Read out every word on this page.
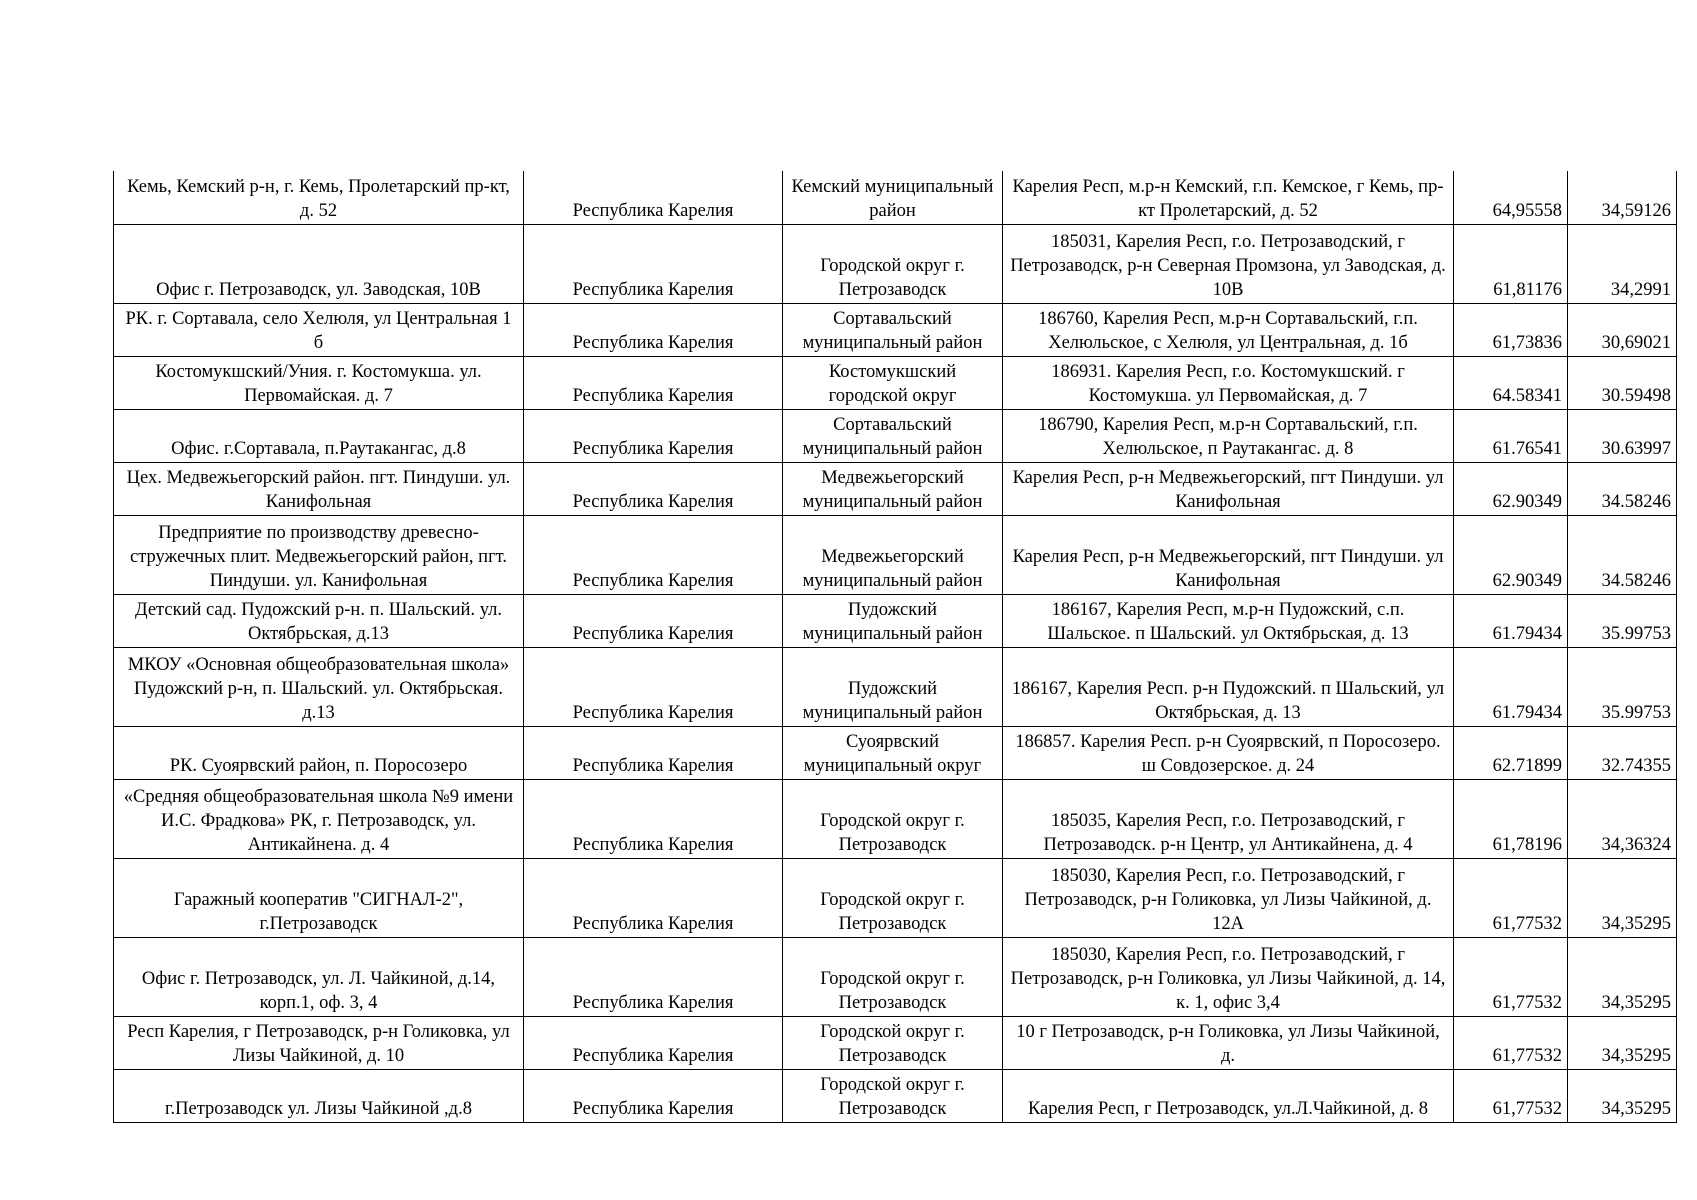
Кемь, Кемский р-н, г. Кемь, Пролетарский пр-кт, д. 52	Республика Карелия	Кемский муниципальный район	Карелия Респ, м.р-н Кемский, г.п. Кемское, г Кемь, пр-кт Пролетарский, д. 52	64,95558	34,59126
Офис г. Петрозаводск, ул. Заводская, 10В	Республика Карелия	Городской округ г. Петрозаводск	185031, Карелия Респ, г.о. Петрозаводский, г Петрозаводск, р-н Северная Промзона, ул Заводская, д. 10В	61,81176	34,2991
РК. г. Сортавала, село Хелюля, ул Центральная 1 б	Республика Карелия	Сортавальский муниципальный район	186760, Карелия Респ, м.р-н Сортавальский, г.п. Хелюльское, с Хелюля, ул Центральная, д. 1б	61,73836	30,69021
Костомукшский/Уния. г. Костомукша. ул. Первомайская. д. 7	Республика Карелия	Костомукшский городской округ	186931. Карелия Респ, г.о. Костомукшский. г Костомукша. ул Первомайская, д. 7	64.58341	30.59498
Офис. г.Сортавала, п.Раутакангас, д.8	Республика Карелия	Сортавальский муниципальный район	186790, Карелия Респ, м.р-н Сортавальский, г.п. Хелюльское, п Раутакангас. д. 8	61.76541	30.63997
Цех. Медвежьегорский район. пгт. Пиндуши. ул. Канифольная	Республика Карелия	Медвежьегорский муниципальный район	Карелия Респ, р-н Медвежьегорский, пгт Пиндуши. ул Канифольная	62.90349	34.58246
Предприятие по производству древесно-стружечных плит. Медвежьегорский район, пгт. Пиндуши. ул. Канифольная	Республика Карелия	Медвежьегорский муниципальный район	Карелия Респ, р-н Медвежьегорский, пгт Пиндуши. ул Канифольная	62.90349	34.58246
Детский сад. Пудожский р-н. п. Шальский. ул. Октябрьская, д.13	Республика Карелия	Пудожский муниципальный район	186167, Карелия Респ, м.р-н Пудожский, с.п. Шальское. п Шальский. ул Октябрьская, д. 13	61.79434	35.99753
МКОУ «Основная общеобразовательная школа» Пудожский р-н, п. Шальский. ул. Октябрьская. д.13	Республика Карелия	Пудожский муниципальный район	186167, Карелия Респ. р-н Пудожский. п Шальский, ул Октябрьская, д. 13	61.79434	35.99753
РК. Суоярвский район, п. Поросозеро	Республика Карелия	Суоярвский муниципальный округ	186857. Карелия Респ. р-н Суоярвский, п Поросозеро. ш Совдозерское. д. 24	62.71899	32.74355
«Средняя общеобразовательная школа №9 имени И.С. Фрадкова» РК, г. Петрозаводск, ул. Антикайнена. д. 4	Республика Карелия	Городской округ г. Петрозаводск	185035, Карелия Респ, г.о. Петрозаводский, г Петрозаводск. р-н Центр, ул Антикайнена, д. 4	61,78196	34,36324
Гаражный кооператив "СИГНАЛ-2", г.Петрозаводск	Республика Карелия	Городской округ г. Петрозаводск	185030, Карелия Респ, г.о. Петрозаводский, г Петрозаводск, р-н Голиковка, ул Лизы Чайкиной, д. 12А	61,77532	34,35295
Офис г. Петрозаводск, ул. Л. Чайкиной, д.14, корп.1, оф. 3, 4	Республика Карелия	Городской округ г. Петрозаводск	185030, Карелия Респ, г.о. Петрозаводский, г Петрозаводск, р-н Голиковка, ул Лизы Чайкиной, д. 14, к. 1, офис 3,4	61,77532	34,35295
Респ Карелия, г Петрозаводск, р-н Голиковка, ул Лизы Чайкиной, д. 10	Республика Карелия	Городской округ г. Петрозаводск	10 г Петрозаводск, р-н Голиковка, ул Лизы Чайкиной, д.	61,77532	34,35295
г.Петрозаводск ул. Лизы Чайкиной ,д.8	Республика Карелия	Городской округ г. Петрозаводск	Карелия Респ, г Петрозаводск, ул.Л.Чайкиной, д. 8	61,77532	34,35295
